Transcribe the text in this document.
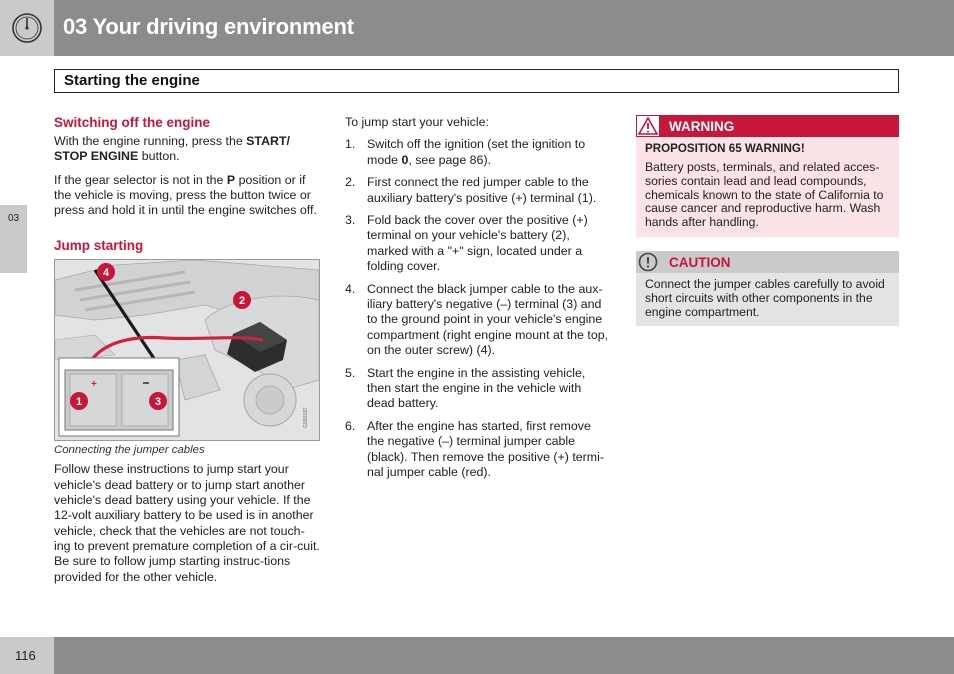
03 Your driving environment
Starting the engine
03
Switching off the engine

With the engine running, press the START/ STOP ENGINE button.

If the gear selector is not in the P position or if the vehicle is moving, press the button twice or press and hold it in until the engine switches off.

Jump starting
+
4
2
1	3
G030197
Connecting the jumper cables

Follow these instructions to jump start your vehicle's dead battery or to jump start another vehicle's dead battery using your vehicle. If the 12-volt auxiliary battery to be used is in another vehicle, check that the vehicles are not touch-ing to prevent premature completion of a cir-cuit. Be sure to follow jump starting instruc-tions provided for the other vehicle.

To jump start your vehicle:

1. Switch off the ignition (set the ignition to mode 0, see page 86).
2. First connect the red jumper cable to the auxiliary battery's positive (+) terminal (1).
3. Fold back the cover over the positive (+) terminal on your vehicle's battery (2), marked with a "+" sign, located under a folding cover.
4. Connect the black jumper cable to the aux-iliary battery's negative (–) terminal (3) and to the ground point in your vehicle's engine compartment (right engine mount at the top, on the outer screw) (4).
5. Start the engine in the assisting vehicle, then start the engine in the vehicle with dead battery.
6. After the engine has started, first remove the negative (–) terminal jumper cable (black). Then remove the positive (+) termi-nal jumper cable (red).
WARNING
PROPOSITION 65 WARNING!

Battery posts, terminals, and related acces-sories contain lead and lead compounds, chemicals known to the state of California to cause cancer and reproductive harm. Wash hands after handling.

CAUTION

Connect the jumper cables carefully to avoid short circuits with other components in the engine compartment.

116
